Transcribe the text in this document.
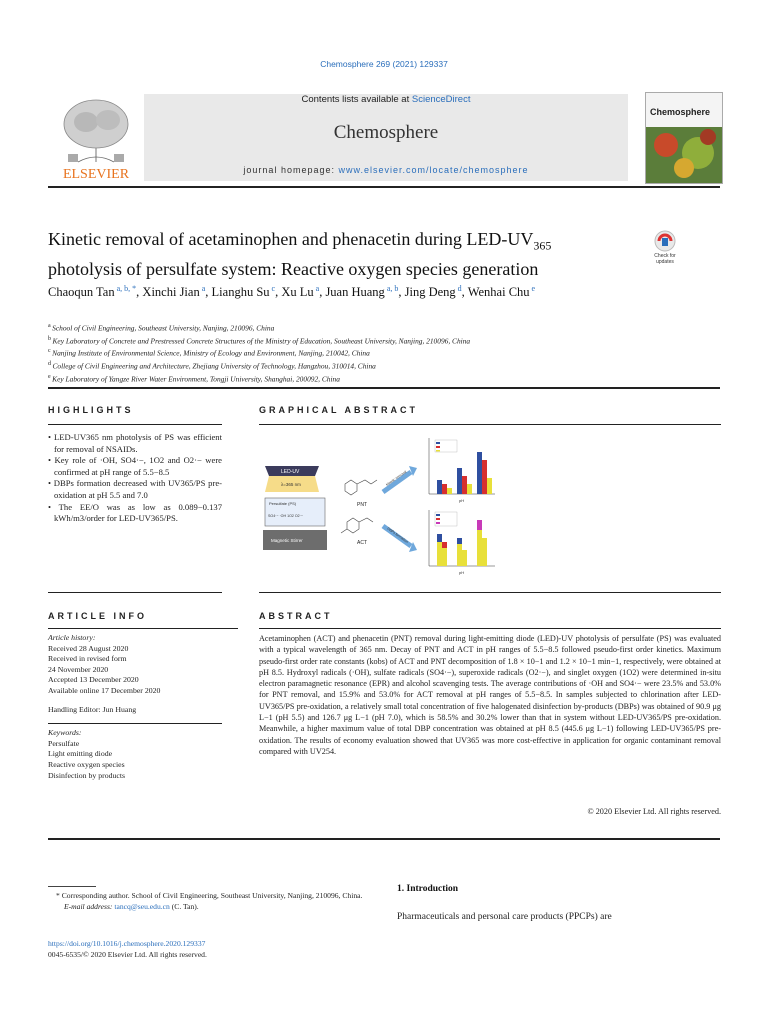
Chemosphere 269 (2021) 129337
ELSEVIER
Contents lists available at ScienceDirect
Chemosphere
journal homepage: www.elsevier.com/locate/chemosphere
Chemosphere
Kinetic removal of acetaminophen and phenacetin during LED-$UV_{365}$
photolysis of persulfate system: Reactive oxygen species generation
Check for updates
Chaoqun Tan $^{a, b, *}$, Xinchi Jian $^a$, Lianghu Su $^c$, Xu Lu $^a$, Juan Huang $^{a, b}$, Jing Deng $^d$, Wenhai Chu $^e$
$^a$ School of Civil Engineering, Southeast University, Nanjing, 210096, China
$^b$ Key Laboratory of Concrete and Prestressed Concrete Structures of the Ministry of Education, Southeast University, Nanjing, 210096, China
$^c$ Nanjing Institute of Environmental Science, Ministry of Ecology and Environment, Nanjing, 210042, China
$^d$ College of Civil Engineering and Architecture, Zhejiang University of Technology, Hangzhou, 310014, China
$^e$ Key Laboratory of Yangze River Water Environment, Tongji University, Shanghai, 200092, China
HIGHLIGHTS
• LED-UV365 nm photolysis of PS was efficient for removal of NSAIDs.
• Key role of ·OH, SO4·−, 1O2 and O2·− were confirmed at pH range of 5.5−8.5
• DBPs formation decreased with UV365/PS pre-oxidation at pH 5.5 and 7.0
• The EE/O was as low as 0.089−0.137 kWh/m3/order for LED-UV365/PS.
GRAPHICAL ABSTRACT
LED-UV
λ=365 nm
Persulfate (PS)
SO4·− ·OH 1O2 O2·−
Magnetic Stirrer
PNT
ACT
Kinetic removal
DBPs formation
pH
pH
ARTICLE INFO
Article history:
Received 28 August 2020
Received in revised form
24 November 2020
Accepted 13 December 2020
Available online 17 December 2020
Handling Editor: Jun Huang
Keywords:
Persulfate
Light emitting diode
Reactive oxygen species
Disinfection by products
ABSTRACT
Acetaminophen (ACT) and phenacetin (PNT) removal during light-emitting diode (LED)-UV photolysis of persulfate (PS) was evaluated with a typical wavelength of 365 nm. Decay of PNT and ACT in pH ranges of 5.5−8.5 followed pseudo-first order kinetics. Maximum pseudo-first order rate constants (kobs) of ACT and PNT decomposition of 1.8 × 10−1 and 1.2 × 10−1 min−1, respectively, were obtained at pH 8.5. Hydroxyl radicals (·OH), sulfate radicals (SO4·−), superoxide radicals (O2·−), and singlet oxygen (1O2) were determined in-situ electron paramagnetic resonance (EPR) and alcohol scavenging tests. The average contributions of ·OH and SO4·− were 23.5% and 53.0% for PNT removal, and 15.9% and 53.0% for ACT removal at pH ranges of 5.5−8.5. In samples subjected to chlorination after LED-UV365/PS pre-oxidation, a relatively small total concentration of five halogenated disinfection by-products (DBPs) was obtained of 90.9 μg L−1 (pH 5.5) and 126.7 μg L−1 (pH 7.0), which is 58.5% and 30.2% lower than that in system without LED-UV365/PS pre-oxidation. Meanwhile, a higher maximum value of total DBP concentration was obtained at pH 8.5 (445.6 μg L−1) following LED-UV365/PS pre-oxidation. The results of economy evaluation showed that UV365 was more cost-effective in application for organic contaminant removal compared with UV254.
© 2020 Elsevier Ltd. All rights reserved.
* Corresponding author. School of Civil Engineering, Southeast University, Nanjing, 210096, China.
E-mail address: tancq@seu.edu.cn (C. Tan).
https://doi.org/10.1016/j.chemosphere.2020.129337
0045-6535/© 2020 Elsevier Ltd. All rights reserved.
1. Introduction
Pharmaceuticals and personal care products (PPCPs) are
